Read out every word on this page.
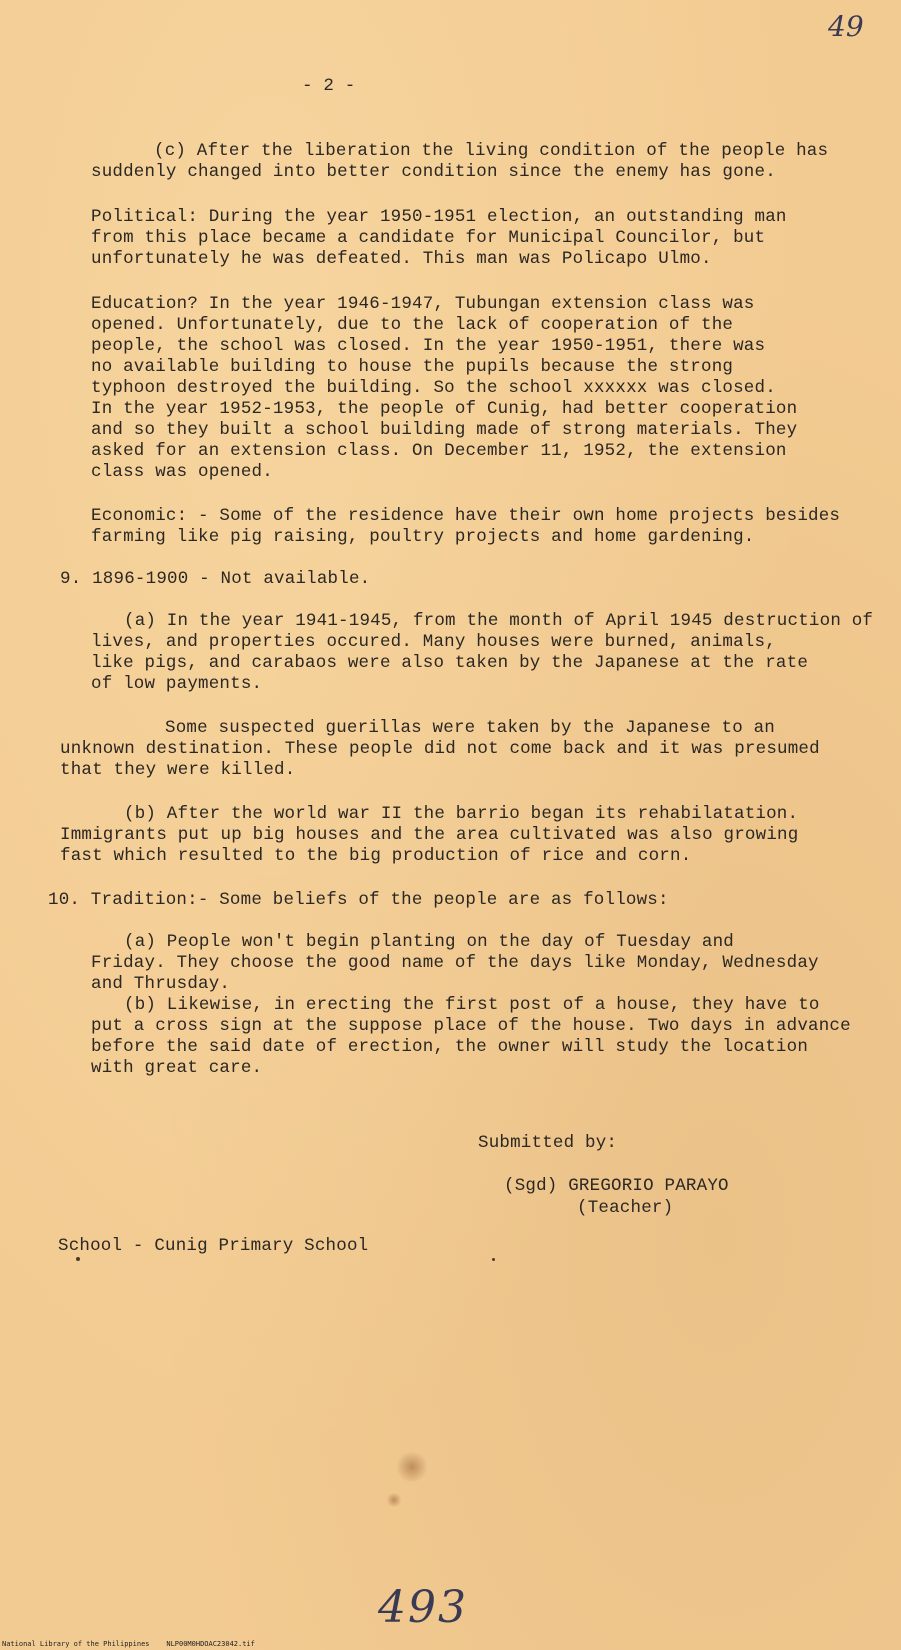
49
- 2 -
(c) After the liberation the living condition of the people has
suddenly changed into better condition since the enemy has gone.
Political: During the year 1950-1951 election, an outstanding man
from this place became a candidate for Municipal Councilor, but
unfortunately he was defeated. This man was Policapo Ulmo.
Education? In the year 1946-1947, Tubungan extension class was
opened. Unfortunately, due to the lack of cooperation of the
people, the school was closed. In the year 1950-1951, there was
no available building to house the pupils because the strong
typhoon destroyed the building. So the school xxxxxx was closed.
In the year 1952-1953, the people of Cunig, had better cooperation
and so they built a school building made of strong materials. They
asked for an extension class. On December 11, 1952, the extension
class was opened.
Economic: - Some of the residence have their own home projects besides
farming like pig raising, poultry projects and home gardening.
9. 1896-1900 - Not available.
(a) In the year 1941-1945, from the month of April 1945 destruction of
lives, and properties occured. Many houses were burned, animals,
like pigs, and carabaos were also taken by the Japanese at the rate
of low payments.
Some suspected guerillas were taken by the Japanese to an
unknown destination. These people did not come back and it was presumed
that they were killed.
(b) After the world war II the barrio began its rehabilatation.
Immigrants put up big houses and the area cultivated was also growing
fast which resulted to the big production of rice and corn.
10. Tradition:- Some beliefs of the people are as follows:
(a) People won't begin planting on the day of Tuesday and
Friday. They choose the good name of the days like Monday, Wednesday
and Thrusday.
(b) Likewise, in erecting the first post of a house, they have to
put a cross sign at the suppose place of the house. Two days in advance
before the said date of erection, the owner will study the location
with great care.
Submitted by:
(Sgd) GREGORIO PARAYO
(Teacher)
School - Cunig Primary School
493
National Library of the Philippines    NLP00M0HDOAC23042.tif
